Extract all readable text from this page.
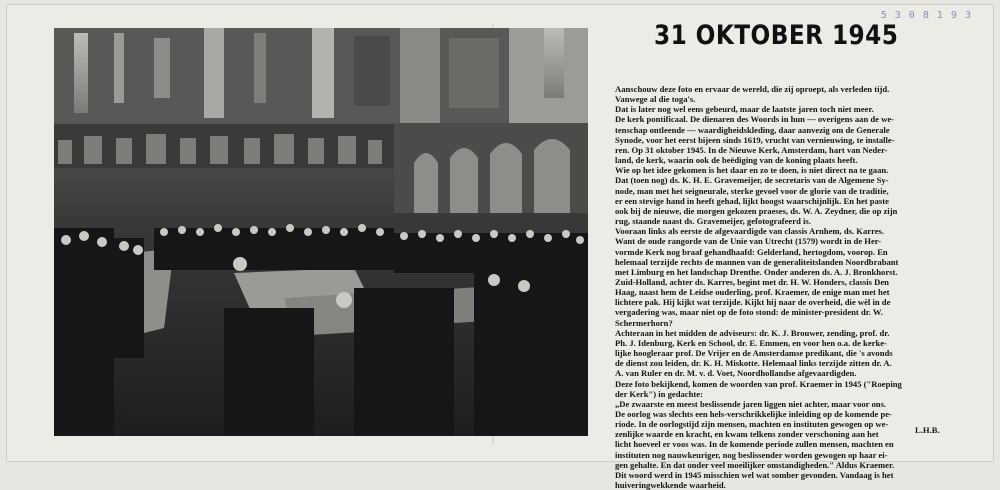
5 3 0 8 1 9 3
31 OKTOBER 1945
Aanschouw deze foto en ervaar de wereld, die zij oproept, als verleden tijd.
Vanwege al die toga's.
Dat is later nog wel eens gebeurd, maar de laatste jaren toch niet meer.
De kerk pontificaal. De dienaren des Woords in hun — overigens aan de we-
tenschap ontleende — waardigheidskleding, daar aanvezig om de Generale
Synode, voor het eerst bijeen sinds 1619, vrucht van vernieuwing, te installe-
ren. Op 31 oktober 1945. In de Nieuwe Kerk, Amsterdam, hart van Neder-
land, de kerk, waarin ook de beëdiging van de koning plaats heeft.
Wie op het idee gekomen is het daar en zo te doen, is niet direct na te gaan.
Dat (toen nog) ds. K. H. E. Gravemeijer, de secretaris van de Algemene Sy-
node, man met het seigneurale, sterke gevoel voor de glorie van de traditie,
er een stevige hand in heeft gehad, lijkt hoogst waarschijnlijk. En het paste
ook bij de nieuwe, die morgen gekozen praeses, ds. W. A. Zeydner, die op zijn
rug, staande naast ds. Gravemeijer, gefotografeerd is.
Vooraan links als eerste de afgevaardigde van classis Arnhem, ds. Karres.
Want de oude rangorde van de Unie van Utrecht (1579) wordt in de Her-
vormde Kerk nog braaf gehandhaafd: Gelderland, hertogdom, voorop. En
helemaal terzijde rechts de mannen van de generaliteitslanden Noordbrabant
met Limburg en het landschap Drenthe. Onder anderen ds. A. J. Bronkhorst.
Zuid-Holland, achter ds. Karres, begint met dr. H. W. Honders, classis Den
Haag, naast hem de Leidse ouderling, prof. Kraemer, de enige man met het
lichtere pak. Hij kijkt wat terzijde. Kijkt hij naar de overheid, die wèl in de
vergadering was, maar niet op de foto stond: de minister-president dr. W.
Schermerhorn?
Achteraan in het midden de adviseurs: dr. K. J. Brouwer, zending, prof. dr.
Ph. J. Idenburg, Kerk en School, dr. E. Emmen, en voor hen o.a. de kerke-
lijke hoogleraar prof. De Vrijer en de Amsterdamse predikant, die 's avonds
de dienst zou leiden, dr. K. H. Miskotte. Helemaal links terzijde zitten dr. A.
A. van Ruler en dr. M. v. d. Voet, Noordhollandse afgevaardigden.
Deze foto bekijkend, komen de woorden van prof. Kraemer in 1945 ("Roeping
der Kerk") in gedachte:
„De zwaarste en meest beslissende jaren liggen niet achter, maar voor ons.
De oorlog was slechts een hels-verschrikkelijke inleiding op de komende pe-
riode. In de oorlogstijd zijn mensen, machten en instituten gewogen op we-
zenlijke waarde en kracht, en kwam telkens zonder verschoning aan het
licht hoeveel er voos was. In de komende periode zullen mensen, machten en
instituten nog nauwkeuriger, nog beslissender worden gewogen op haar ei-
gen gehalte. En dat onder veel moeilijker omstandigheden." Aldus Kraemer.
Dit woord werd in 1945 misschien wel wat somber gevonden. Vandaag is het
huiveringwekkende waarheid.
L.H.B.
